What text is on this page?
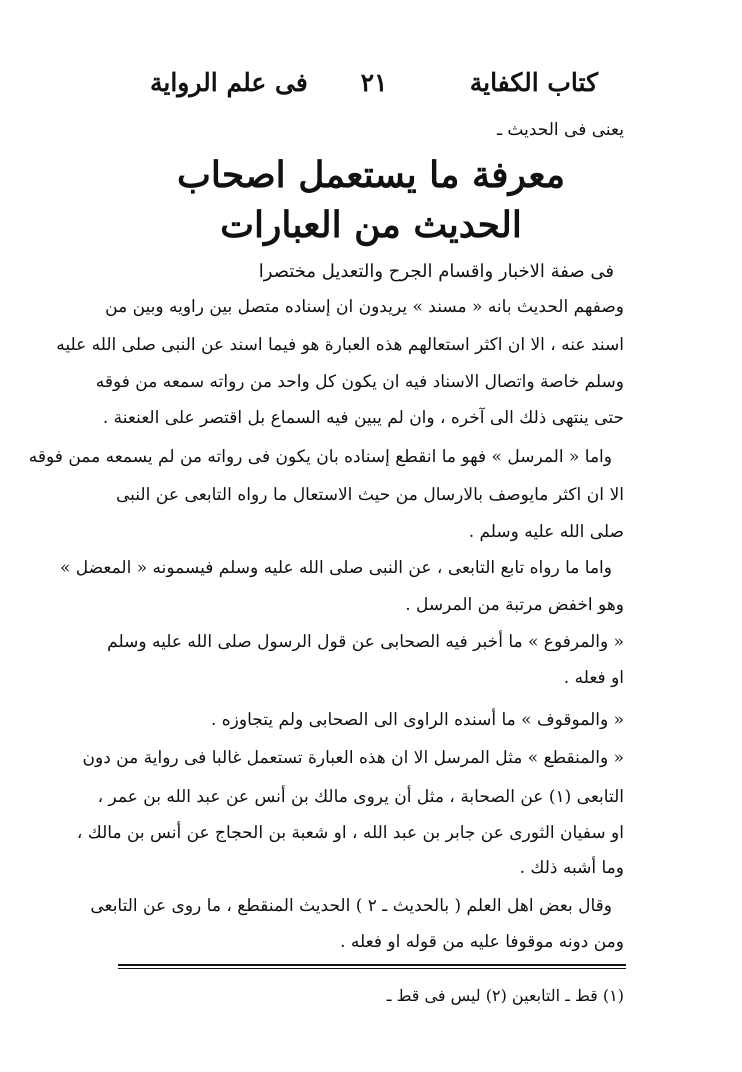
كتاب الكفاية
٢١
فى علم الرواية
يعنى فى الحديث ـ
معرفة ما يستعمل اصحاب
الحديث من العبارات
فى صفة الاخبار واقسام الجرح والتعديل مختصرا
وصفهم الحديث بانه « مسند » يريدون ان إسناده متصل بين راويه وبين من
اسند عنه ، الا ان اكثر استعالهم هذه العبارة هو فيما اسند عن النبى صلى الله عليه
وسلم خاصة واتصال الاسناد فيه ان يكون كل واحد من رواته سمعه من فوقه
حتى ينتهى ذلك الى آخره ، وان لم يبين فيه السماع بل اقتصر على العنعنة .
واما « المرسل » فهو ما انقطع إسناده بان يكون فى رواته من لم يسمعه ممن فوقه
الا ان اكثر مايوصف بالارسال من حيث الاستعال ما رواه التابعى عن النبى
صلى الله عليه وسلم .
واما ما رواه تابع التابعى ، عن النبى صلى الله عليه وسلم فيسمونه « المعضل »
وهو اخفض مرتبة من المرسل .
« والمرفوع » ما أخبر فيه الصحابى عن قول الرسول صلى الله عليه وسلم
او فعله .
« والموقوف » ما أسنده الراوى الى الصحابى ولم يتجاوزه .
« والمنقطع » مثل المرسل الا ان هذه العبارة تستعمل غالبا فى رواية من دون
التابعى (١) عن الصحابة ، مثل أن يروى مالك بن أنس عن عبد الله بن عمر ،
او سفيان الثورى عن جابر بن عبد الله ، او شعبة بن الحجاج عن أنس بن مالك ،
وما أشبه ذلك .
وقال بعض اهل العلم ( بالحديث ـ ٢ ) الحديث المنقطع ، ما روى عن التابعى
ومن دونه موقوفا عليه من قوله او فعله .
(١) قط ـ التابعين (٢) ليس فى قط ـ
